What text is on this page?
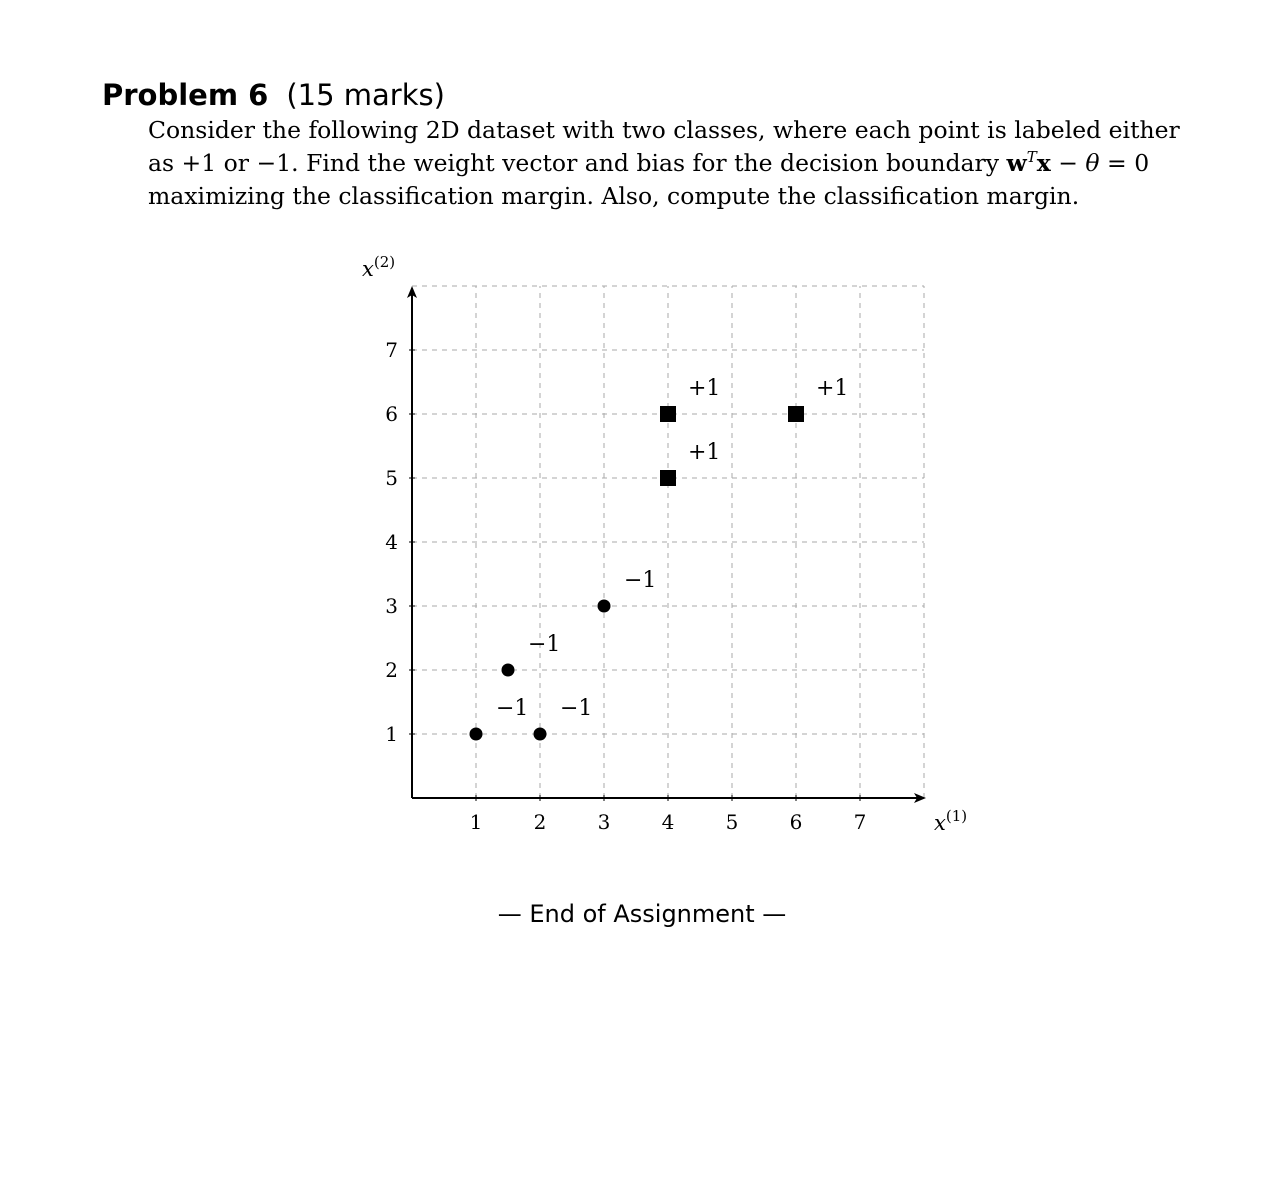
Problem 6 (15 marks)

Consider the following 2D dataset with two classes, where each point is labeled either as +1 or −1. Find the weight vector and bias for the decision boundary $w^Tx - \theta = 0$ maximizing the classification margin. Also, compute the classification margin.

1	2	3	4	5	6	7
1
2
3
4
5
6
7
$x^{(1)}$
$x^{(2)}$
+1	+1
+1
−1
−1
−1 −1
— End of Assignment —
